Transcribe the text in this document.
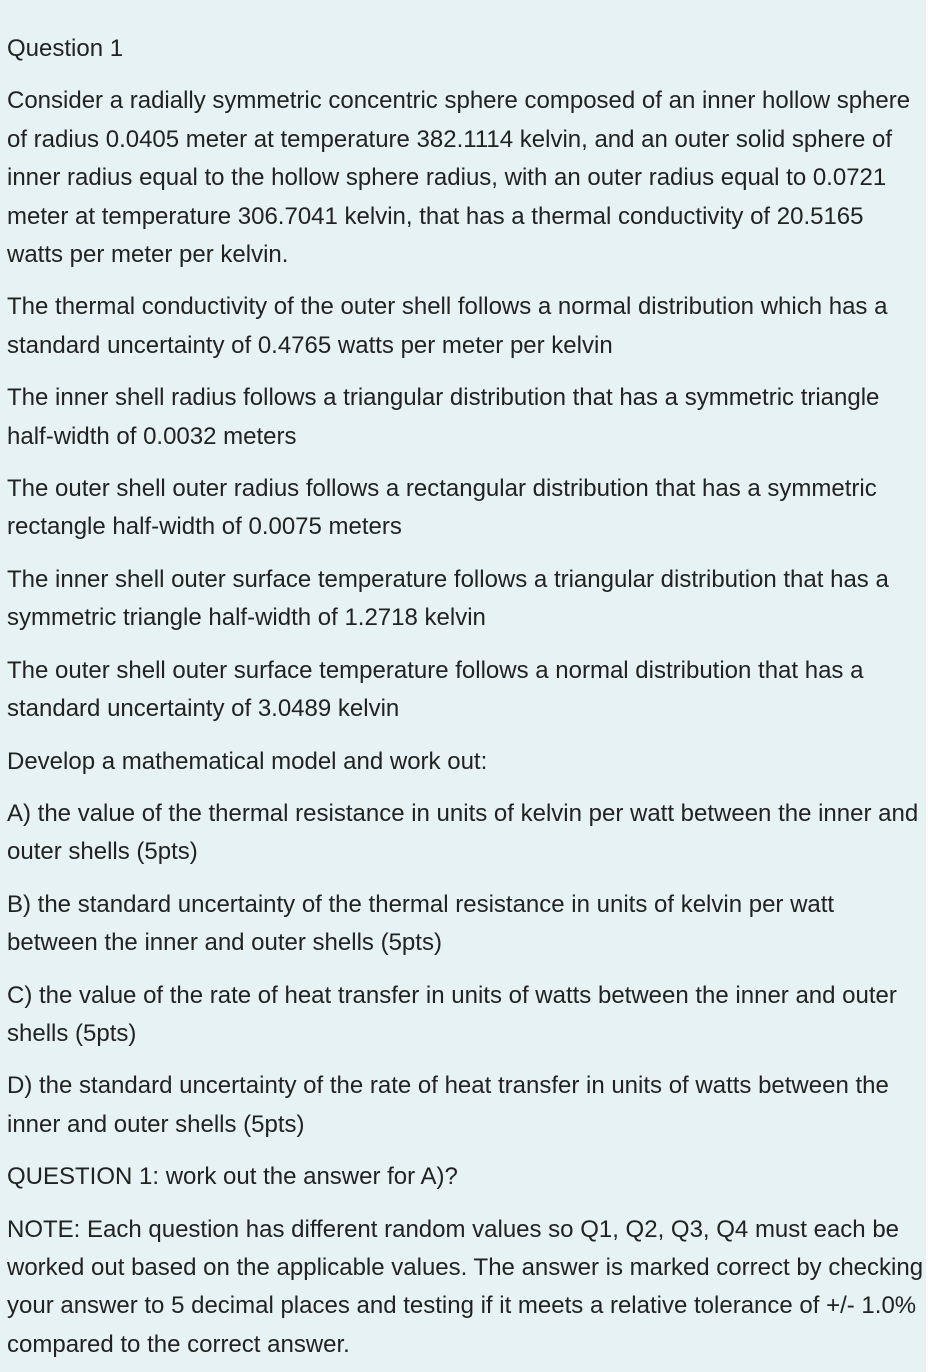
Question 1

Consider a radially symmetric concentric sphere composed of an inner hollow sphere of radius 0.0405 meter at temperature 382.1114 kelvin, and an outer solid sphere of inner radius equal to the hollow sphere radius, with an outer radius equal to 0.0721 meter at temperature 306.7041 kelvin, that has a thermal conductivity of 20.5165 watts per meter per kelvin.

The thermal conductivity of the outer shell follows a normal distribution which has a standard uncertainty of 0.4765 watts per meter per kelvin

The inner shell radius follows a triangular distribution that has a symmetric triangle half-width of 0.0032 meters

The outer shell outer radius follows a rectangular distribution that has a symmetric rectangle half-width of 0.0075 meters

The inner shell outer surface temperature follows a triangular distribution that has a symmetric triangle half-width of 1.2718 kelvin

The outer shell outer surface temperature follows a normal distribution that has a standard uncertainty of 3.0489 kelvin

Develop a mathematical model and work out:

A) the value of the thermal resistance in units of kelvin per watt between the inner and outer shells (5pts)

B) the standard uncertainty of the thermal resistance in units of kelvin per watt between the inner and outer shells (5pts)

C) the value of the rate of heat transfer in units of watts between the inner and outer shells (5pts)

D) the standard uncertainty of the rate of heat transfer in units of watts between the inner and outer shells (5pts)

QUESTION 1: work out the answer for A)?

NOTE: Each question has different random values so Q1, Q2, Q3, Q4 must each be worked out based on the applicable values. The answer is marked correct by checking your answer to 5 decimal places and testing if it meets a relative tolerance of +/- 1.0% compared to the correct answer.
